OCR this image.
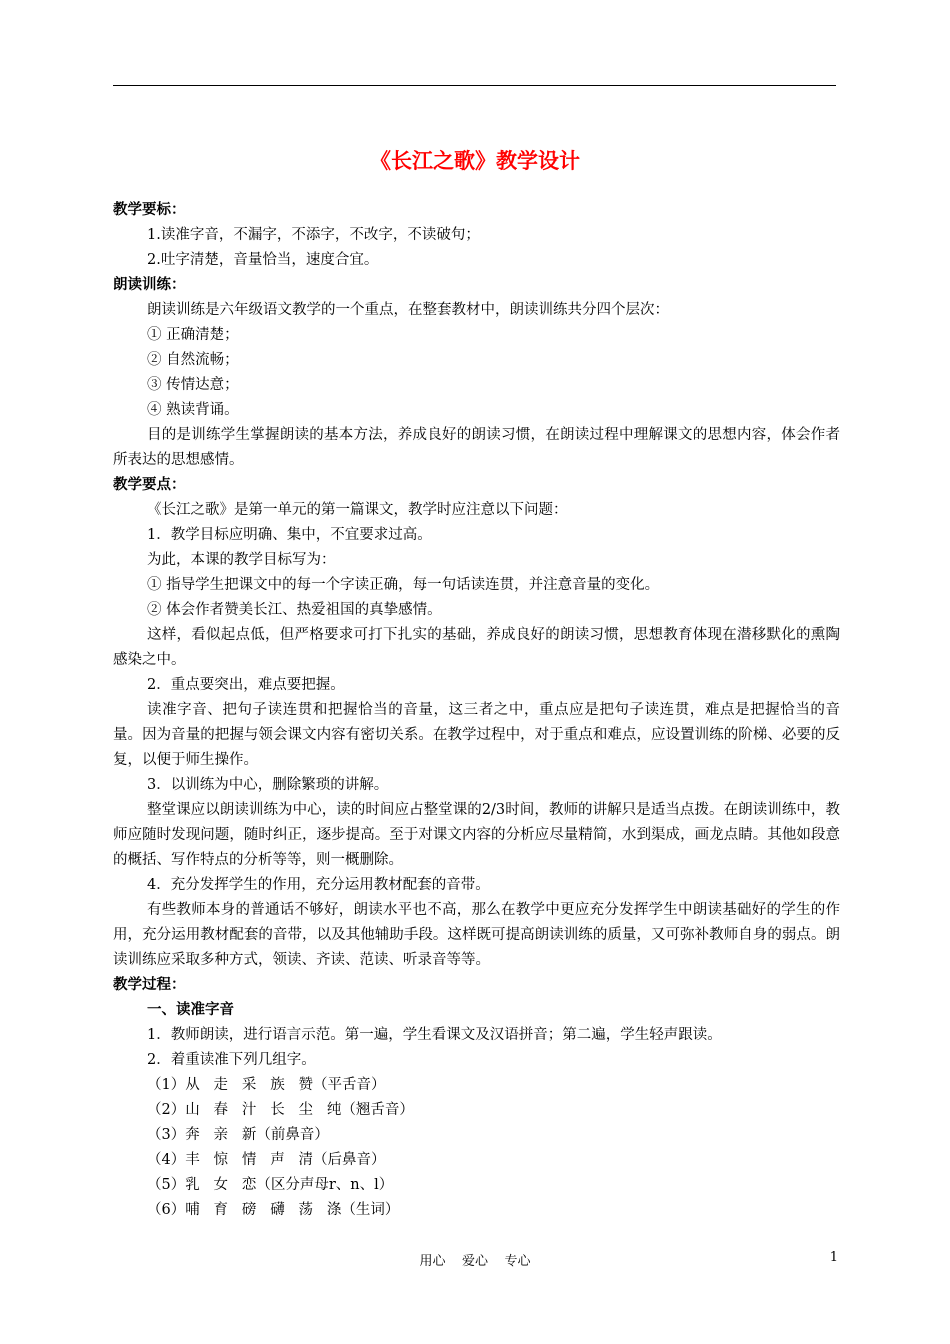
《长江之歌》教学设计
教学要标：
1.读准字音，不漏字，不添字，不改字，不读破句；
2.吐字清楚，音量恰当，速度合宜。
朗读训练：
朗读训练是六年级语文教学的一个重点，在整套教材中，朗读训练共分四个层次：
① 正确清楚；
② 自然流畅；
③ 传情达意；
④ 熟读背诵。
目的是训练学生掌握朗读的基本方法，养成良好的朗读习惯，在朗读过程中理解课文的思想内容，体会作者所表达的思想感情。
教学要点：
《长江之歌》是第一单元的第一篇课文，教学时应注意以下问题：
1．教学目标应明确、集中，不宜要求过高。
为此，本课的教学目标写为：
① 指导学生把课文中的每一个字读正确，每一句话读连贯，并注意音量的变化。
② 体会作者赞美长江、热爱祖国的真挚感情。
这样，看似起点低，但严格要求可打下扎实的基础，养成良好的朗读习惯，思想教育体现在潜移默化的熏陶感染之中。
2．重点要突出，难点要把握。
读准字音、把句子读连贯和把握恰当的音量，这三者之中，重点应是把句子读连贯，难点是把握恰当的音量。因为音量的把握与领会课文内容有密切关系。在教学过程中，对于重点和难点，应设置训练的阶梯、必要的反复，以便于师生操作。
3．以训练为中心，删除繁琐的讲解。
整堂课应以朗读训练为中心，读的时间应占整堂课的2/3时间，教师的讲解只是适当点拨。在朗读训练中，教师应随时发现问题，随时纠正，逐步提高。至于对课文内容的分析应尽量精简，水到渠成，画龙点睛。其他如段意的概括、写作特点的分析等等，则一概删除。
4．充分发挥学生的作用，充分运用教材配套的音带。
有些教师本身的普通话不够好，朗读水平也不高，那么在教学中更应充分发挥学生中朗读基础好的学生的作用，充分运用教材配套的音带，以及其他辅助手段。这样既可提高朗读训练的质量，又可弥补教师自身的弱点。朗读训练应采取多种方式，领读、齐读、范读、听录音等等。
教学过程：
一、读准字音
1．教师朗读，进行语言示范。第一遍，学生看课文及汉语拼音；第二遍，学生轻声跟读。
2．着重读准下列几组字。
（1）从   走   采   族   赞（平舌音）
（2）山   春   汁   长   尘   纯（翘舌音）
（3）奔   亲   新（前鼻音）
（4）丰   惊   情   声   清（后鼻音）
（5）乳   女   恋（区分声母r、n、l）
（6）哺   育   磅   礴   荡   涤（生词）
用心    爱心    专心	1
